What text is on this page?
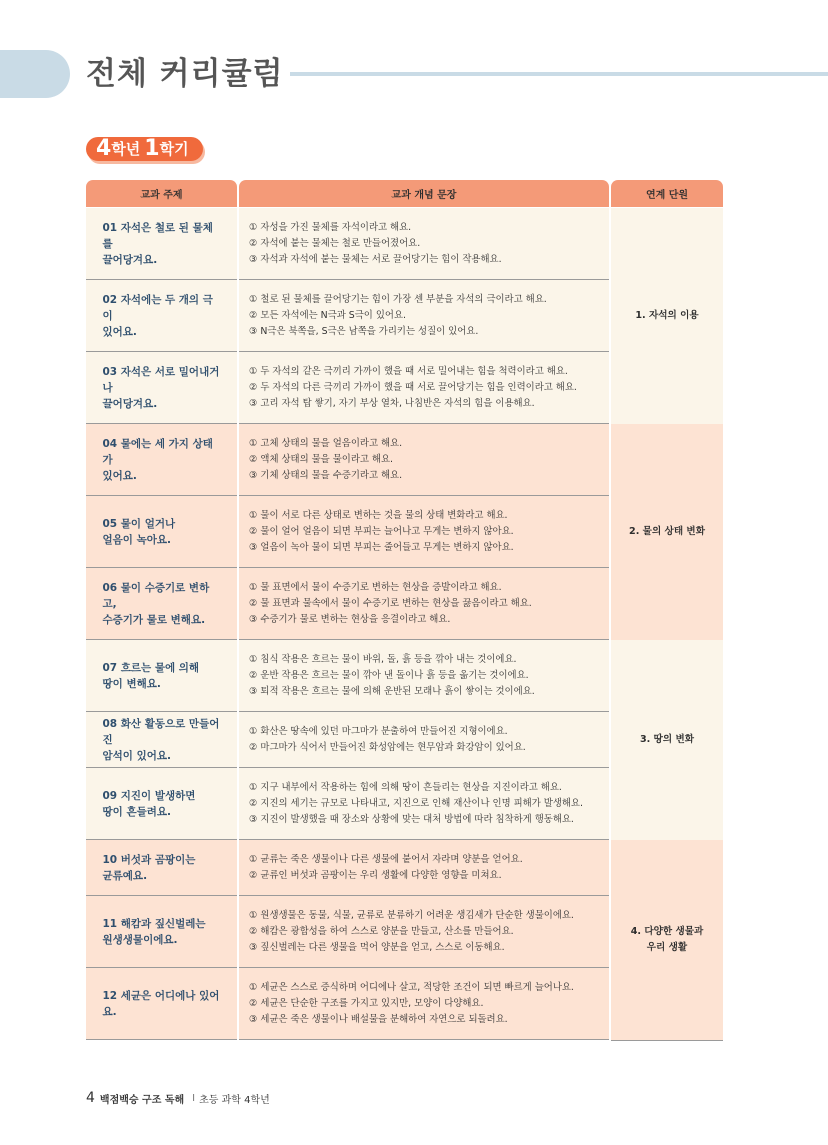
전체 커리큘럼
4 학년 1 학기
교과 주제	교과 개념 문장	연계 단원
01 자석은 철로 된 물체를
끌어당겨요.
① 자성을 가진 물체를 자석이라고 해요.
② 자석에 붙는 물체는 철로 만들어졌어요.
③ 자석과 자석에 붙는 물체는 서로 끌어당기는 힘이 작용해요.
02 자석에는 두 개의 극이
있어요.
① 철로 된 물체를 끌어당기는 힘이 가장 센 부분을 자석의 극이라고 해요.
② 모든 자석에는 N극과 S극이 있어요.
③ N극은 북쪽을, S극은 남쪽을 가리키는 성질이 있어요.
03 자석은 서로 밀어내거나
끌어당겨요.
① 두 자석의 같은 극끼리 가까이 했을 때 서로 밀어내는 힘을 척력이라고 해요.
② 두 자석의 다른 극끼리 가까이 했을 때 서로 끌어당기는 힘을 인력이라고 해요.
③ 고리 자석 탑 쌓기, 자기 부상 열차, 나침반은 자석의 힘을 이용해요.
04 물에는 세 가지 상태가
있어요.
① 고체 상태의 물을 얼음이라고 해요.
② 액체 상태의 물을 물이라고 해요.
③ 기체 상태의 물을 수증기라고 해요.
05 물이 얼거나
얼음이 녹아요.
① 물이 서로 다른 상태로 변하는 것을 물의 상태 변화라고 해요.
② 물이 얼어 얼음이 되면 부피는 늘어나고 무게는 변하지 않아요.
③ 얼음이 녹아 물이 되면 부피는 줄어들고 무게는 변하지 않아요.
06 물이 수증기로 변하고,
수증기가 물로 변해요.
① 물 표면에서 물이 수증기로 변하는 현상을 증발이라고 해요.
② 물 표면과 물속에서 물이 수증기로 변하는 현상을 끓음이라고 해요.
③ 수증기가 물로 변하는 현상을 응결이라고 해요.
07 흐르는 물에 의해
땅이 변해요.
① 침식 작용은 흐르는 물이 바위, 돌, 흙 등을 깎아 내는 것이에요.
② 운반 작용은 흐르는 물이 깎아 낸 돌이나 흙 등을 옮기는 것이에요.
③ 퇴적 작용은 흐르는 물에 의해 운반된 모래나 흙이 쌓이는 것이에요.
08 화산 활동으로 만들어진
암석이 있어요.
① 화산은 땅속에 있던 마그마가 분출하여 만들어진 지형이에요.
② 마그마가 식어서 만들어진 화성암에는 현무암과 화강암이 있어요.
09 지진이 발생하면
땅이 흔들려요.
① 지구 내부에서 작용하는 힘에 의해 땅이 흔들리는 현상을 지진이라고 해요.
② 지진의 세기는 규모로 나타내고, 지진으로 인해 재산이나 인명 피해가 발생해요.
③ 지진이 발생했을 때 장소와 상황에 맞는 대처 방법에 따라 침착하게 행동해요.
10 버섯과 곰팡이는
균류예요.
① 균류는 죽은 생물이나 다른 생물에 붙어서 자라며 양분을 얻어요.
② 균류인 버섯과 곰팡이는 우리 생활에 다양한 영향을 미쳐요.
11 해캄과 짚신벌레는
원생생물이에요.
① 원생생물은 동물, 식물, 균류로 분류하기 어려운 생김새가 단순한 생물이에요.
② 해캄은 광합성을 하여 스스로 양분을 만들고, 산소를 만들어요.
③ 짚신벌레는 다른 생물을 먹어 양분을 얻고, 스스로 이동해요.
12 세균은 어디에나 있어요.
① 세균은 스스로 증식하며 어디에나 살고, 적당한 조건이 되면 빠르게 늘어나요.
② 세균은 단순한 구조를 가지고 있지만, 모양이 다양해요.
③ 세균은 죽은 생물이나 배설물을 분해하여 자연으로 되돌려요.
1. 자석의 이용
2. 물의 상태 변화
3. 땅의 변화
4. 다양한 생물과
우리 생활
4 백점백승 구조 독해 I 초등 과학 4학년
